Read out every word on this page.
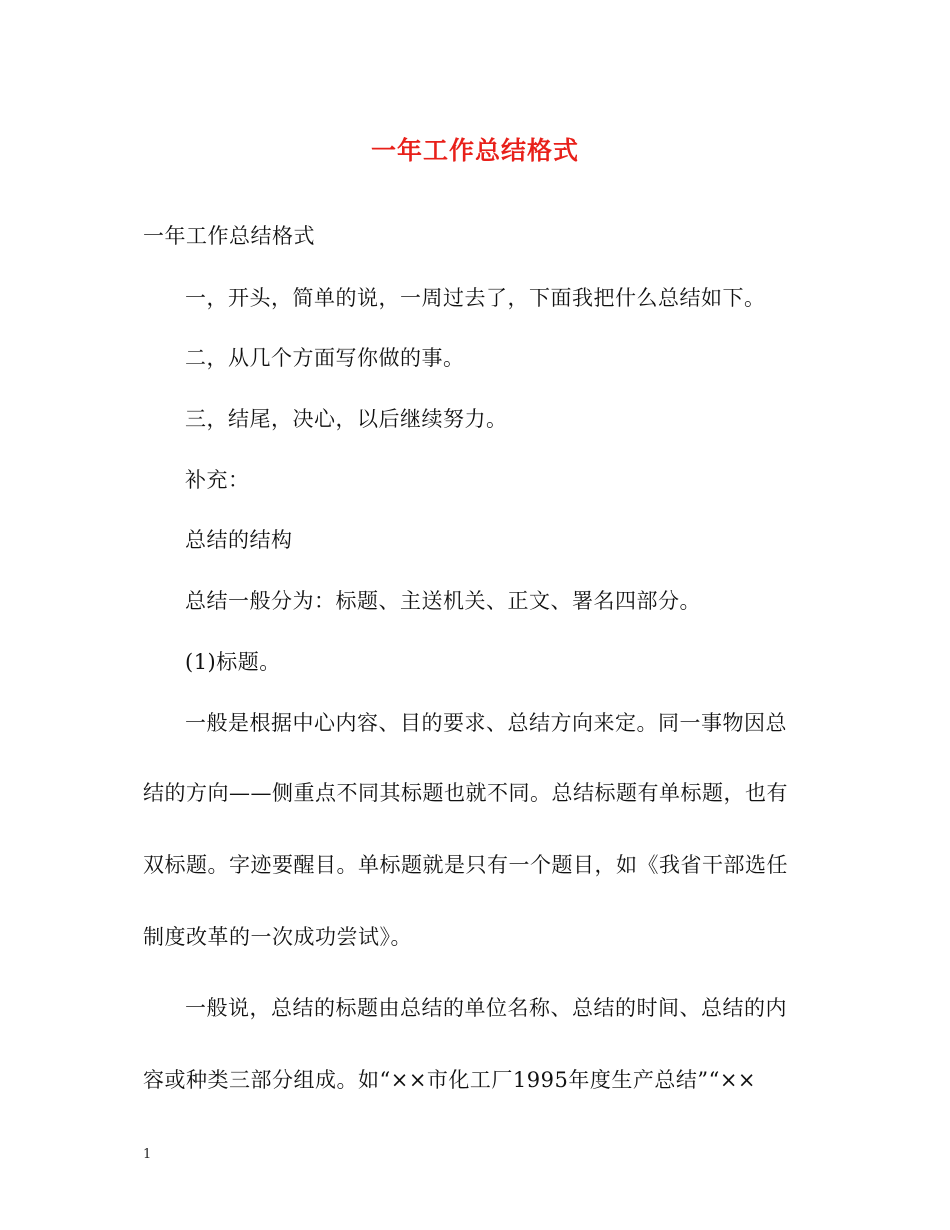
一年工作总结格式
一年工作总结格式
一，开头，简单的说，一周过去了，下面我把什么总结如下。
二，从几个方面写你做的事。
三，结尾，决心，以后继续努力。
补充：
总结的结构
总结一般分为：标题、主送机关、正文、署名四部分。
(1)标题。
一般是根据中心内容、目的要求、总结方向来定。同一事物因总
结的方向——侧重点不同其标题也就不同。总结标题有单标题，也有
双标题。字迹要醒目。单标题就是只有一个题目，如《我省干部选任
制度改革的一次成功尝试》。
一般说，总结的标题由总结的单位名称、总结的时间、总结的内
容或种类三部分组成。如“××市化工厂1995年度生产总结”“××
1
